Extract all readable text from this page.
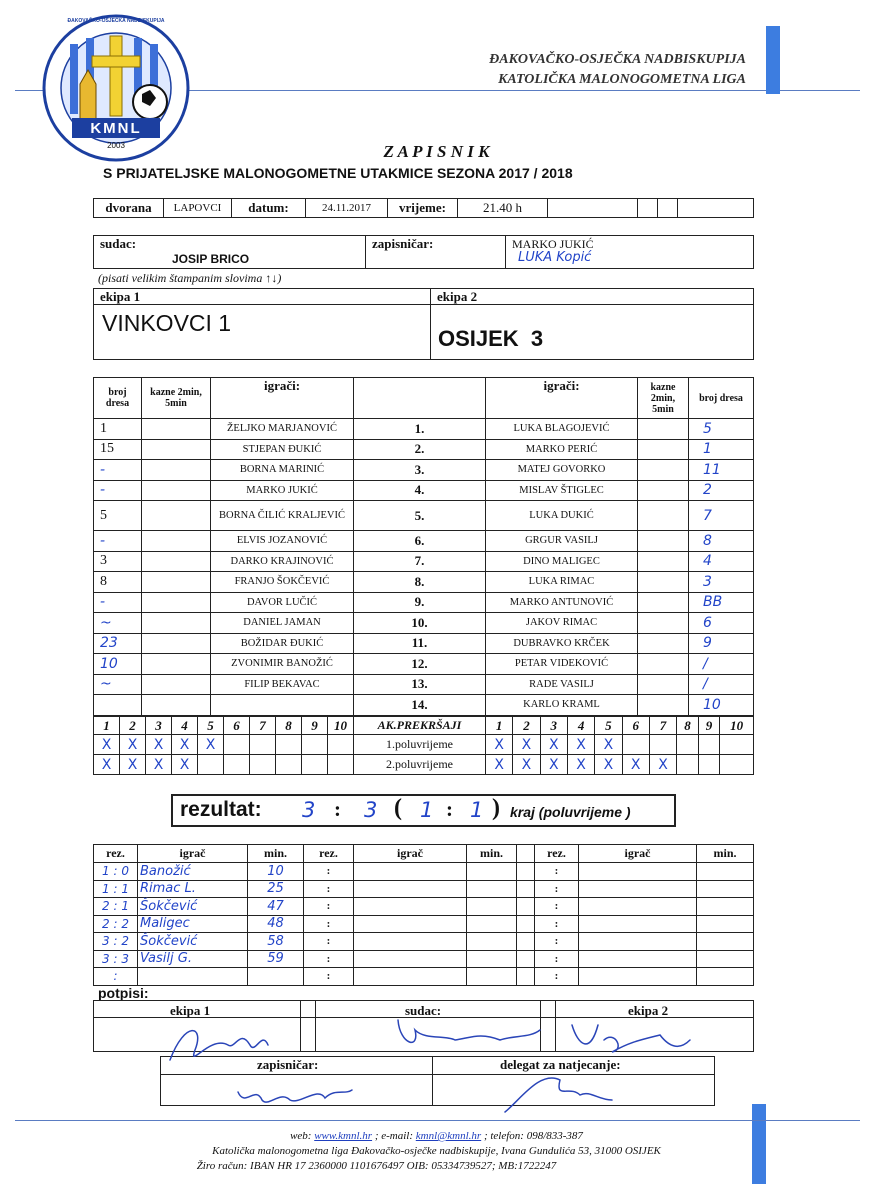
KMNL
2003
ĐAKOVAČKO-OSJEČKA NADBISKUPIJA
ĐAKOVAČKO-OSJEČKA NADBISKUPIJA
KATOLIČKA MALONOGOMETNA LIGA
Z A P I S N I K
S PRIJATELJSKE MALONOGOMETNE UTAKMICE SEZONA 2017 / 2018
dvorana	LAPOVCI	datum:	24.11.2017	vrijeme:	21.40 h				
sudac:
JOSIP BRICO
zapisničar:	MARKO JUKIĆ
LUKA Kopić
(pisati velikim štampanim slovima ↑↓)
ekipa 1	ekipa 2
VINKOVCI 1
OSIJEK  3
broj dresa	kazne 2min, 5min	igrači:		igrači:	kazne 2min, 5min	broj dresa
1		ŽELJKO MARJANOVIĆ	1.	LUKA BLAGOJEVIĆ		5
15		STJEPAN ĐUKIĆ	2.	MARKO PERIĆ		1
-		BORNA MARINIĆ	3.	MATEJ GOVORKO		11
-		MARKO JUKIĆ	4.	MISLAV ŠTIGLEC		2
5		BORNA ČILIĆ KRALJEVIĆ	5.	LUKA DUKIĆ		7
-		ELVIS JOZANOVIĆ	6.	GRGUR VASILJ		8
3		DARKO KRAJINOVIĆ	7.	DINO MALIGEC		4
8		FRANJO ŠOKČEVIĆ	8.	LUKA RIMAC		3
-		DAVOR LUČIĆ	9.	MARKO ANTUNOVIĆ		BB
~		DANIEL JAMAN	10.	JAKOV RIMAC		6
23		BOŽIDAR ĐUKIĆ	11.	DUBRAVKO KRČEK		9
10		ZVONIMIR BANOŽIĆ	12.	PETAR VIDEKOVIĆ		/
~		FILIP BEKAVAC	13.	RADE VASILJ		/
			14.	KARLO KRAML		10
1	2	3	4	5	6	7	8	9	10	AK.PREKRŠAJI	1	2	3	4	5	6	7	8	9	10
X	X	X	X	X						1.poluvrijeme	X	X	X	X	X					
X	X	X	X							2.poluvrijeme	X	X	X	X	X	X	X			
rezultat: 3 : 3 ( 1 : 1 ) kraj (poluvrijeme )
rez.	igrač	min.	rez.	igrač	min.		rez.	igrač	min.
1 : 0	Banožić	10	:				:		
1 : 1	Rimac L.	25	:				:		
2 : 1	Šokčević	47	:				:		
2 : 2	Maligec	48	:				:		
3 : 2	Šokčević	58	:				:		
3 : 3	Vasilj G.	59	:				:		
:			:				:		
potpisi:
ekipa 1	sudac:	ekipa 2
zapisničar:	delegat za natjecanje:
web: www.kmnl.hr ; e-mail: kmnl@kmnl.hr ; telefon: 098/833-387
Katolička malonogometna liga Đakovačko-osječke nadbiskupije, Ivana Gundulića 53, 31000 OSIJEK
Žiro račun: IBAN HR 17 2360000 1101676497 OIB: 05334739527; MB:1722247
